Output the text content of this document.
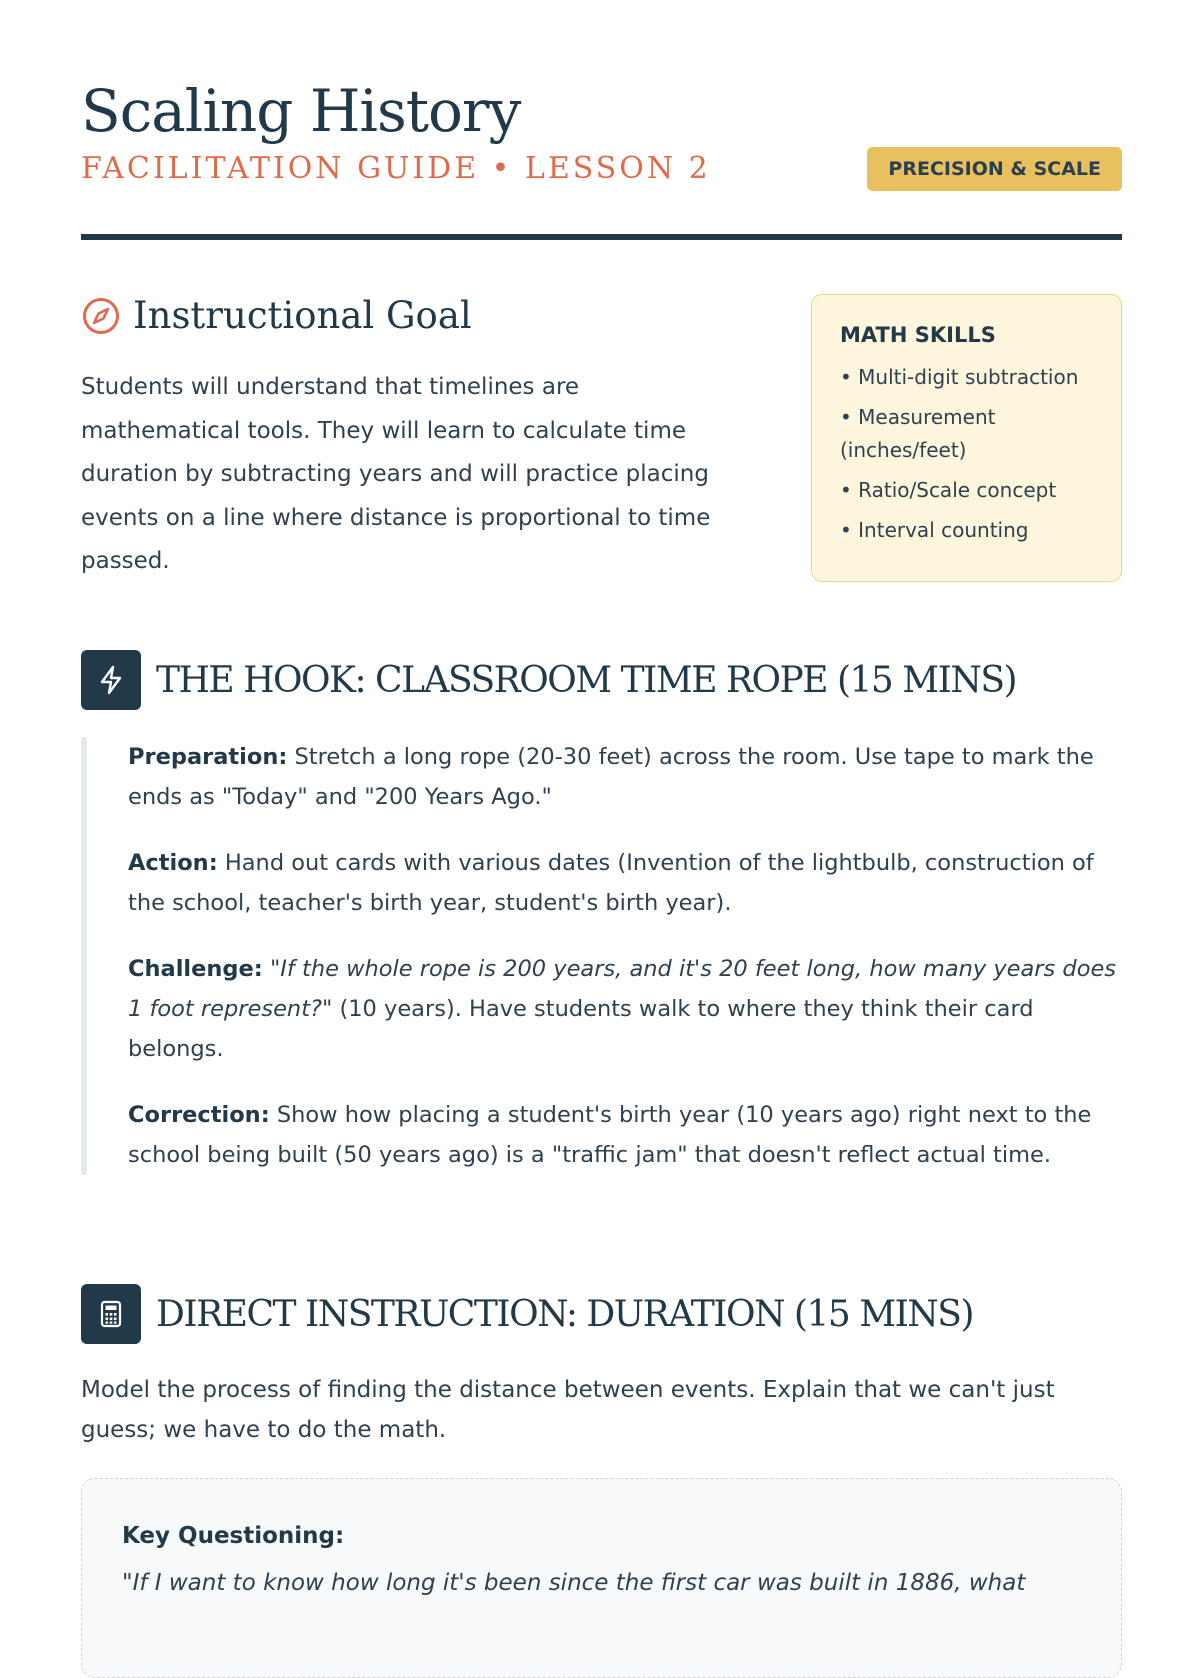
Scaling History
FACILITATION GUIDE • LESSON 2	PRECISION & SCALE
Instructional Goal

Students will understand that timelines are mathematical tools. They will learn to calculate time duration by subtracting years and will practice placing events on a line where distance is proportional to time passed.

MATH SKILLS
• Multi-digit subtraction
• Measurement (inches/feet)
• Ratio/Scale concept
• Interval counting
THE HOOK: CLASSROOM TIME ROPE (15 MINS)

Preparation: Stretch a long rope (20-30 feet) across the room. Use tape to mark the ends as "Today" and "200 Years Ago."

Action: Hand out cards with various dates (Invention of the lightbulb, construction of the school, teacher's birth year, student's birth year).

Challenge: "If the whole rope is 200 years, and it's 20 feet long, how many years does 1 foot represent?" (10 years). Have students walk to where they think their card belongs.

Correction: Show how placing a student's birth year (10 years ago) right next to the school being built (50 years ago) is a "traffic jam" that doesn't reflect actual time.

DIRECT INSTRUCTION: DURATION (15 MINS)

Model the process of finding the distance between events. Explain that we can't just guess; we have to do the math.

Key Questioning:

"If I want to know how long it's been since the first car was built in 1886, what
